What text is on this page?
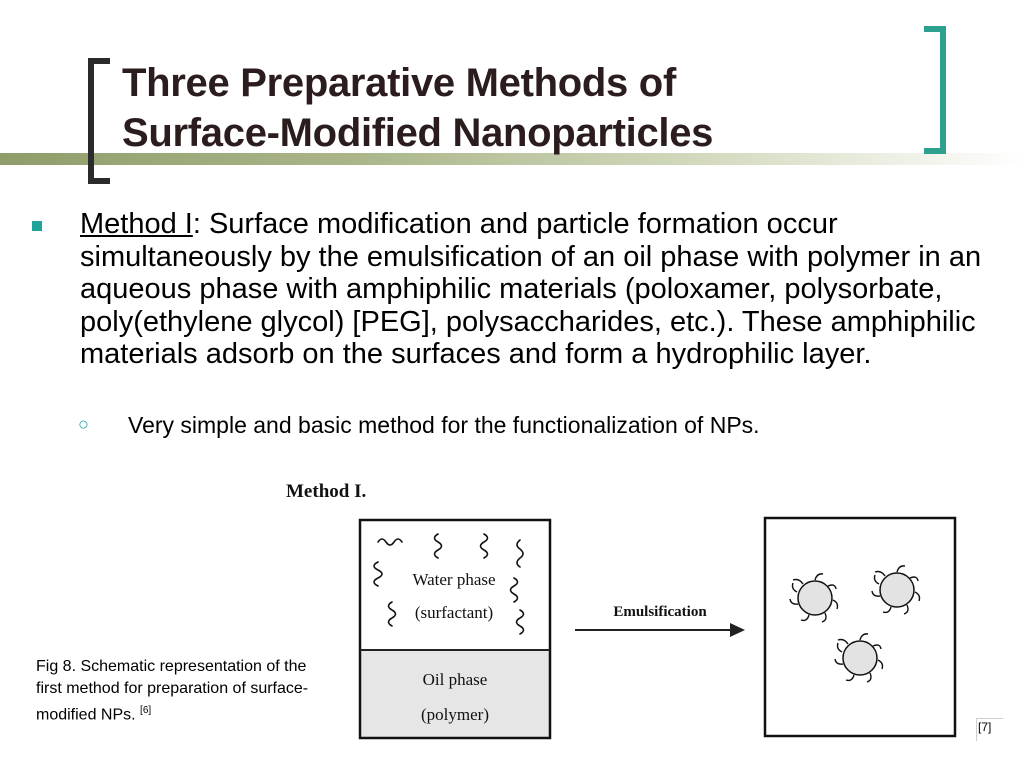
Three Preparative Methods of
Surface-Modified Nanoparticles
Method I: Surface modification and particle formation occur simultaneously by the emulsification of an oil phase with polymer in an aqueous phase with amphiphilic materials (poloxamer, polysorbate, poly(ethylene glycol) [PEG], polysaccharides, etc.). These amphiphilic materials adsorb on the surfaces and form a hydrophilic layer.
○ Very simple and basic method for the functionalization of NPs.
Method I.
Water phase
(surfactant)
Oil phase
(polymer)
Emulsification
Fig 8. Schematic representation of the first method for preparation of surface-modified NPs. [6]
[7]
